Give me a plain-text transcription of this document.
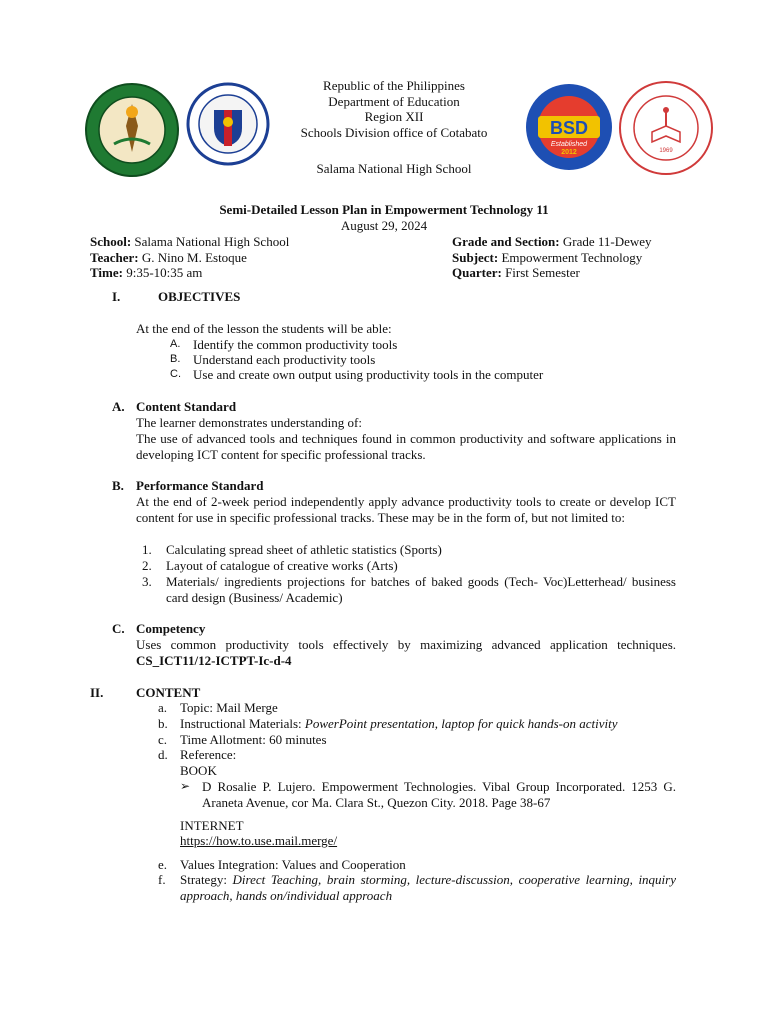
BSD
Established
2012	1969
Republic of the Philippines
Department of Education
Region XII
Schools Division office of Cotabato
Salama National High School
Semi-Detailed Lesson Plan in Empowerment Technology 11
August 29, 2024
School: Salama National High School
Teacher: G. Nino M. Estoque
Time: 9:35-10:35 am
Grade and Section: Grade 11-Dewey
Subject: Empowerment Technology
Quarter: First Semester
I.	OBJECTIVES
At the end of the lesson the students will be able:
A. Identify the common productivity tools
B. Understand each productivity tools
C. Use and create own output using productivity tools in the computer
A. Content Standard
The learner demonstrates understanding of:
The use of advanced tools and techniques found in common productivity and software applications in developing ICT content for specific professional tracks.
B. Performance Standard
At the end of 2-week period independently apply advance productivity tools to create or develop ICT content for use in specific professional tracks. These may be in the form of, but not limited to:
1. Calculating spread sheet of athletic statistics (Sports)
2. Layout of catalogue of creative works (Arts)
3. Materials/ ingredients projections for batches of baked goods (Tech- Voc)Letterhead/ business card design (Business/ Academic)
C. Competency
Uses common productivity tools effectively by maximizing advanced application techniques.
CS_ICT11/12-ICTPT-Ic-d-4
II.	CONTENT
a. Topic: Mail Merge
b. Instructional Materials: PowerPoint presentation, laptop for quick hands-on activity
c. Time Allotment: 60 minutes
d. Reference:
BOOK
➢ D Rosalie P. Lujero. Empowerment Technologies. Vibal Group Incorporated. 1253 G. Araneta Avenue, cor Ma. Clara St., Quezon City. 2018. Page 38-67
INTERNET
https://how.to.use.mail.merge/
e. Values Integration: Values and Cooperation
f. Strategy: Direct Teaching, brain storming, lecture-discussion, cooperative learning, inquiry approach, hands on/individual approach
